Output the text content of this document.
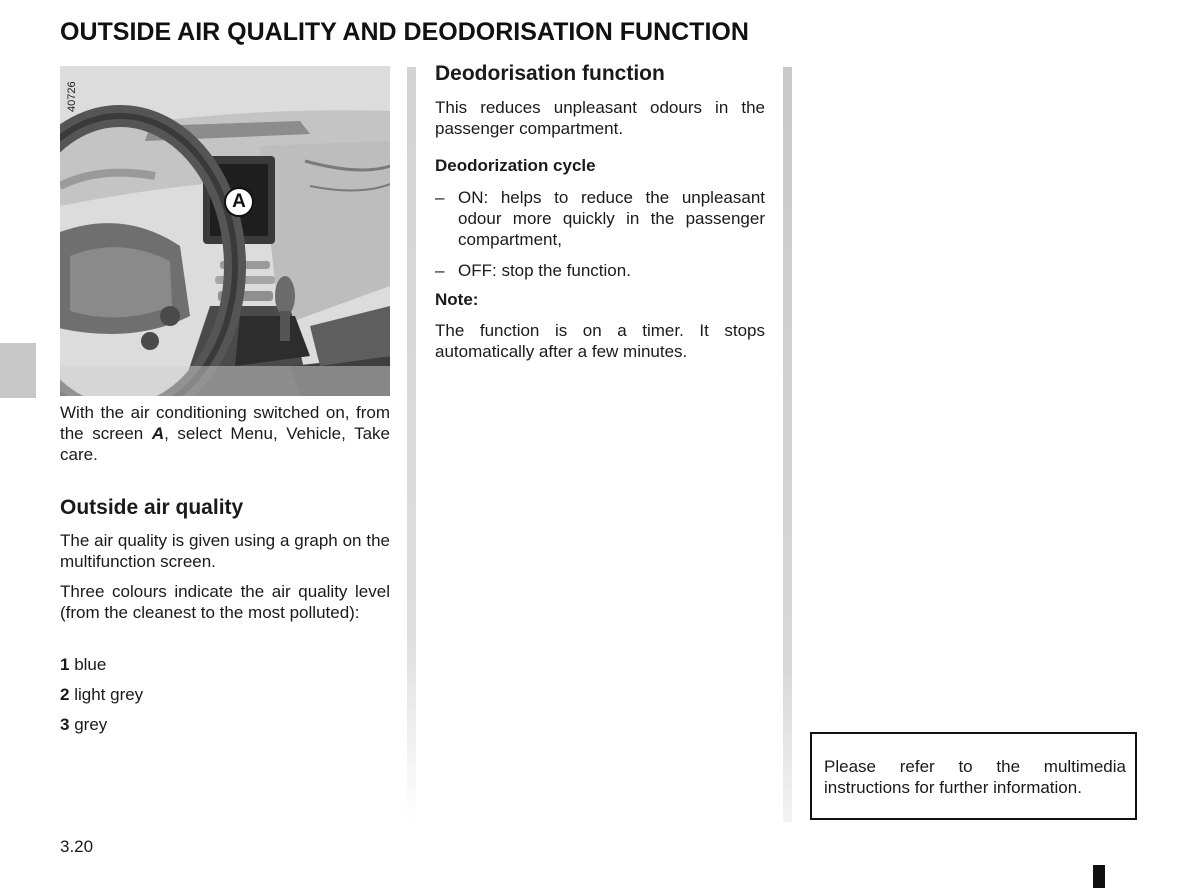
OUTSIDE AIR QUALITY AND DEODORISATION FUNCTION
40726
A
With the air conditioning switched on, from the screen A, select Menu, Vehicle, Take care.
Outside air quality
The air quality is given using a graph on the multifunction screen.
Three colours indicate the air quality level (from the cleanest to the most polluted):
1 blue
2 light grey
3 grey
Deodorisation function
This reduces unpleasant odours in the passenger compartment.
Deodorization cycle
– ON: helps to reduce the unpleasant odour more quickly in the passenger compartment,
– OFF: stop the function.
Note:
The function is on a timer. It stops automatically after a few minutes.
Please refer to the multimedia instructions for further information.
3.20
